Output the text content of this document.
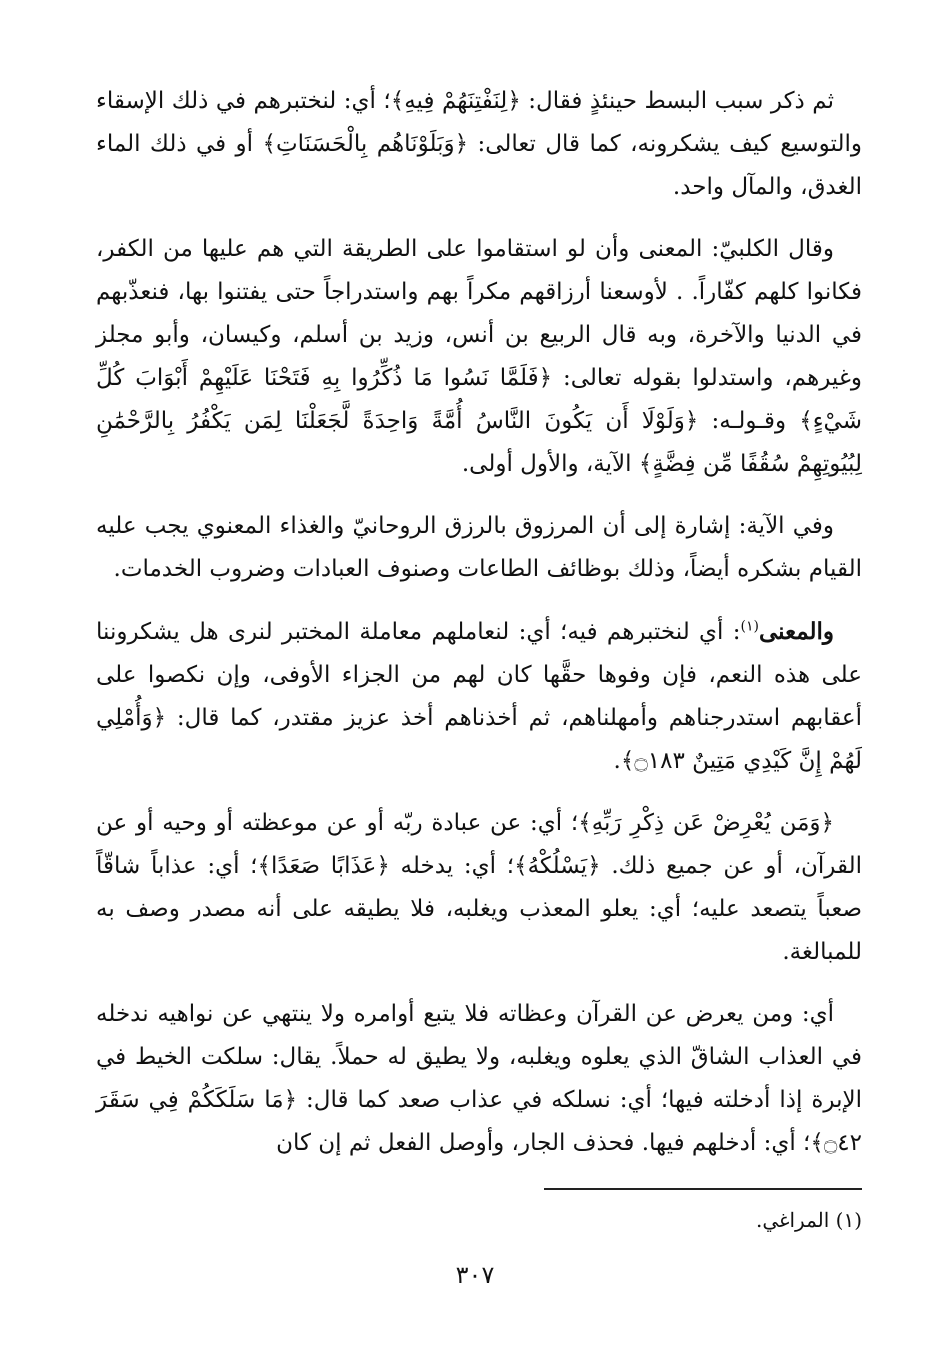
ثم ذكر سبب البسط حينئذٍ فقال: ﴿لِنَفْتِنَهُمْ فِيهِ﴾؛ أي: لنختبرهم في ذلك الإسقاء والتوسيع كيف يشكرونه، كما قال تعالى: ﴿وَبَلَوْنَاهُم بِالْحَسَنَاتِ﴾ أو في ذلك الماء الغدق، والمآل واحد.

وقال الكلبيّ: المعنى وأن لو استقاموا على الطريقة التي هم عليها من الكفر، فكانوا كلهم كفّاراً. . لأوسعنا أرزاقهم مكراً بهم واستدراجاً حتى يفتنوا بها، فنعذّبهم في الدنيا والآخرة، وبه قال الربيع بن أنس، وزيد بن أسلم، وكيسان، وأبو مجلز وغيرهم، واستدلوا بقوله تعالى: ﴿فَلَمَّا نَسُوا مَا ذُكِّرُوا بِهِ فَتَحْنَا عَلَيْهِمْ أَبْوَابَ كُلِّ شَيْءٍ﴾ وقـولـه: ﴿وَلَوْلَا أَن يَكُونَ النَّاسُ أُمَّةً وَاحِدَةً لَّجَعَلْنَا لِمَن يَكْفُرُ بِالرَّحْمَٰنِ لِبُيُوتِهِمْ سُقُفًا مِّن فِضَّةٍ﴾ الآية، والأول أولى.

وفي الآية: إشارة إلى أن المرزوق بالرزق الروحانيّ والغذاء المعنوي يجب عليه القيام بشكره أيضاً، وذلك بوظائف الطاعات وصنوف العبادات وضروب الخدمات.

والمعنى$^{(١)}$: أي لنختبرهم فيه؛ أي: لنعاملهم معاملة المختبر لنرى هل يشكروننا على هذه النعم، فإن وفوها حقَّها كان لهم من الجزاء الأوفى، وإن نكصوا على أعقابهم استدرجناهم وأمهلناهم، ثم أخذناهم أخذ عزيز مقتدر، كما قال: ﴿وَأُمْلِي لَهُمْ إِنَّ كَيْدِي مَتِينٌ ۝١٨٣﴾.

﴿وَمَن يُعْرِضْ عَن ذِكْرِ رَبِّهِ﴾؛ أي: عن عبادة ربّه أو عن موعظته أو وحيه أو عن القرآن، أو عن جميع ذلك. ﴿يَسْلُكْهُ﴾؛ أي: يدخله ﴿عَذَابًا صَعَدًا﴾؛ أي: عذاباً شاقّاً صعباً يتصعد عليه؛ أي: يعلو المعذب ويغلبه، فلا يطيقه على أنه مصدر وصف به للمبالغة.

أي: ومن يعرض عن القرآن وعظاته فلا يتبع أوامره ولا ينتهي عن نواهيه ندخله في العذاب الشاقّ الذي يعلوه ويغلبه، ولا يطيق له حملاً. يقال: سلكت الخيط في الإبرة إذا أدخلته فيها؛ أي: نسلكه في عذاب صعد كما قال: ﴿مَا سَلَكَكُمْ فِي سَقَرَ ۝٤٢﴾؛ أي: أدخلهم فيها. فحذف الجار، وأوصل الفعل ثم إن كان

(١) المراغي.

٣٠٧
